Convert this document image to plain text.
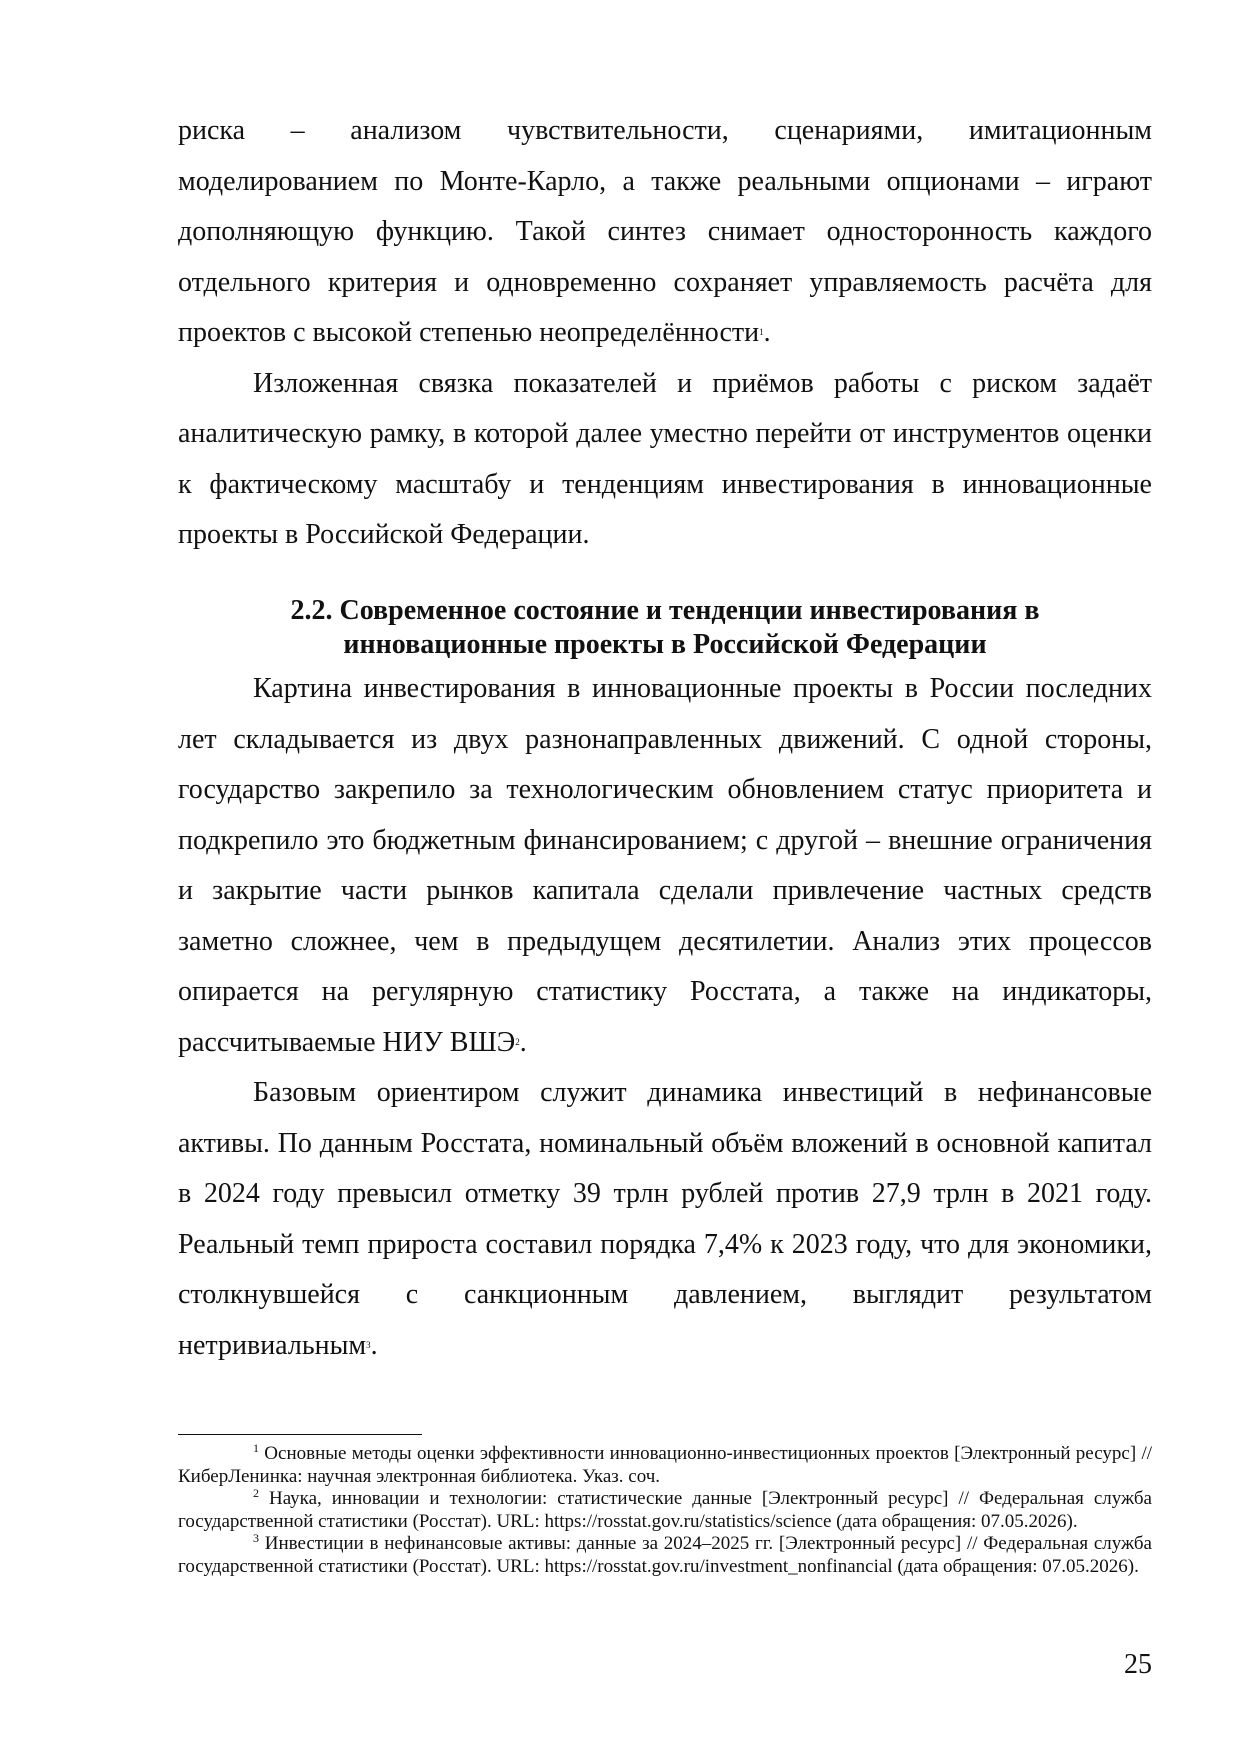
риска – анализом чувствительности, сценариями, имитационным моделированием по Монте-Карло, а также реальными опционами – играют дополняющую функцию. Такой синтез снимает односторонность каждого отдельного критерия и одновременно сохраняет управляемость расчёта для проектов с высокой степенью неопределённости$^1$.

Изложенная связка показателей и приёмов работы с риском задаёт аналитическую рамку, в которой далее уместно перейти от инструментов оценки к фактическому масштабу и тенденциям инвестирования в инновационные проекты в Российской Федерации.

2.2. Современное состояние и тенденции инвестирования в
инновационные проекты в Российской Федерации

Картина инвестирования в инновационные проекты в России последних лет складывается из двух разнонаправленных движений. С одной стороны, государство закрепило за технологическим обновлением статус приоритета и подкрепило это бюджетным финансированием; с другой – внешние ограничения и закрытие части рынков капитала сделали привлечение частных средств заметно сложнее, чем в предыдущем десятилетии. Анализ этих процессов опирается на регулярную статистику Росстата, а также на индикаторы, рассчитываемые НИУ ВШЭ$^2$.

Базовым ориентиром служит динамика инвестиций в нефинансовые активы. По данным Росстата, номинальный объём вложений в основной капитал в 2024 году превысил отметку 39 трлн рублей против 27,9 трлн в 2021 году. Реальный темп прироста составил порядка 7,4% к 2023 году, что для экономики, столкнувшейся с санкционным давлением, выглядит результатом нетривиальным$^3$.

$^1$ Основные методы оценки эффективности инновационно-инвестиционных проектов [Электронный ресурс] // КиберЛенинка: научная электронная библиотека. Указ. соч.

$^2$ Наука, инновации и технологии: статистические данные [Электронный ресурс] // Федеральная служба государственной статистики (Росстат). URL: https://rosstat.gov.ru/statistics/science (дата обращения: 07.05.2026).

$^3$ Инвестиции в нефинансовые активы: данные за 2024–2025 гг. [Электронный ресурс] // Федеральная служба государственной статистики (Росстат). URL: https://rosstat.gov.ru/investment_nonfinancial (дата обращения: 07.05.2026).

25
